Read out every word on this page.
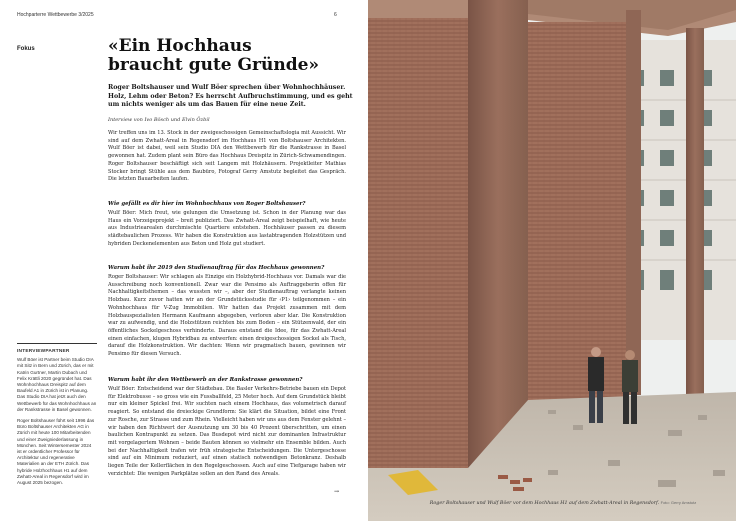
Hochparterre Wettbewerbe 3/2025	6
Fokus	«Ein Hochhaus
braucht gute Gründe»
Roger Boltshauser und Wulf Böer sprechen über Wohnhochhäuser. Holz, Lehm oder Beton? Es herrscht Aufbruchstimmung, und es geht um nichts weniger als um das Bauen für eine neue Zeit.
Interview von Ivo Bösch und Elvin Özbil
Wir treffen uns im 13. Stock in der zweigeschossigen Gemeinschaftslogia mit Aussicht. Wir sind auf dem Zwhatt-Areal in Regensdorf im Hochhaus H1 von Boltshauser Architekten. Wulf Böer ist dabei, weil sein Studio DIA den Wettbewerb für die Rankstrasse in Basel gewonnen hat. Zudem plant sein Büro das Hochhaus Dreispitz in Zürich-Schwamendingen. Roger Boltshauser beschäftigt sich seit Langem mit Holzhäusern. Projektleiter Mathias Stocker bringt Stühle aus dem Baubüro, Fotograf Gerry Amstutz begleitet das Gespräch. Die letzten Bauarbeiten laufen.
Wie gefällt es dir hier im Wohnhochhaus von Roger Boltshauser?
Wulf Böer: Mich freut, wie gelungen die Umsetzung ist. Schon in der Planung war das Haus ein Vorzeigeprojekt – breit publiziert. Das Zwhatt-Areal zeigt beispielhaft, wie heute aus Industriearealen durchmischte Quartiere entstehen. Hochhäuser passen zu diesem städtebaulichen Prozess. Wir haben die Konstruktion aus lastabtragenden Holzstützen und hybriden Deckenelementen aus Beton und Holz gut studiert.
Warum habt ihr 2019 den Studienauftrag für das Hochhaus gewonnen?
Roger Boltshauser: Wir schlagen als Einzige ein Holzhybrid-Hochhaus vor. Damals war die Ausschreibung noch konventionell. Zwar war die Pensimo als Auftraggeberin offen für Nachhaltigkeitsthemen – das wussten wir –, aber der Studienauftrag verlangte keinen Holzbau. Kurz zuvor hatten wir an der Grundstücksstudie für ‹P1› teilgenommen – ein Wohnhochhaus für V-Zug Immobilien. Wir hatten das Projekt zusammen mit dem Holzbauspezialisten Hermann Kaufmann abgegeben, verloren aber klar. Die Konstruktion war zu aufwendig, und die Holzstützen reichten bis zum Boden – ein Stützenwald, der ein öffentliches Sockelgeschoss verhinderte. Daraus entstand die Idee, für das Zwhatt-Areal einen einfachen, klugen Hybridbau zu entwerfen: einen dreigeschossigen Sockel als Tisch, darauf die Holzkonstruktion. Wir dachten: Wenn wir pragmatisch bauen, gewinnen wir Pensimo für diesen Versuch.
Warum habt ihr den Wettbewerb an der Rankstrasse gewonnen?
Wulf Böer: Entscheidend war der Städtebau. Die Basler Verkehrs-Betriebe bauen ein Depot für Elektrobusse – so gross wie ein Fussballfeld, 25 Meter hoch. Auf dem Grundstück bleibt nur ein kleiner Spickel frei. Wir suchten nach einem Hochhaus, das volumetrisch darauf reagiert. So entstand die dreieckige Grundform: Sie klärt die Situation, bildet eine Front zur Rosche, zur Strasse und zum Rhein. Vielleicht haben wir uns aus dem Fenster gelehnt – wir haben den Richtwert der Ausnutzung um 30 bis 40 Prozent überschritten, um einen baulichen Kontrapunkt zu setzen. Das Busdepot wird nicht zur dominanten Infrastruktur mit vorgelagertem Wohnen – beide Bauten können so vielmehr ein Ensemble bilden. Auch bei der Nachhaltigkeit trafen wir früh strategische Entscheidungen. Die Untergeschosse sind auf ein Minimum reduziert, auf einen statisch notwendigen Betonkranz. Deshalb liegen Teile der Kellerflächen in den Regelgeschossen. Auch auf eine Tiefgarage haben wir verzichtet: Die wenigen Parkplätze sollen an den Rand des Areals.
INTERVIEWPARTNER
Wulf Böer ist Partner beim Studio DIA mit Sitz in Bern und Zürich, das er mit Katrin Gurtner, Martin Dubach und Felix Krättli 2020 gegründet hat. Das Wohnhochhaus Dreispitz auf dem Baufeld A1 in Zürich ist in Planung. Das Studio DIA hat jetzt auch den Wettbewerb für das Wohnhochhaus an der Rankstrasse in Basel gewonnen.
Roger Boltshauser führt seit 1996 das Büro Boltshauser Architekten AG in Zürich mit heute 100 Mitarbeitenden und einer Zweigniederlassung in München. Seit Wintersemester 2024 ist er ordentlicher Professor für Architektur und regenerative Materialien an der ETH Zürich. Das hybride Holzhochhaus H1 auf dem Zwhatt-Areal in Regensdorf wird im August 2025 bezogen.
→
Roger Boltshauser und Wulf Böer vor dem Hochhaus H1 auf dem Zwhatt-Areal in Regensdorf. Foto: Gerry Amstutz
